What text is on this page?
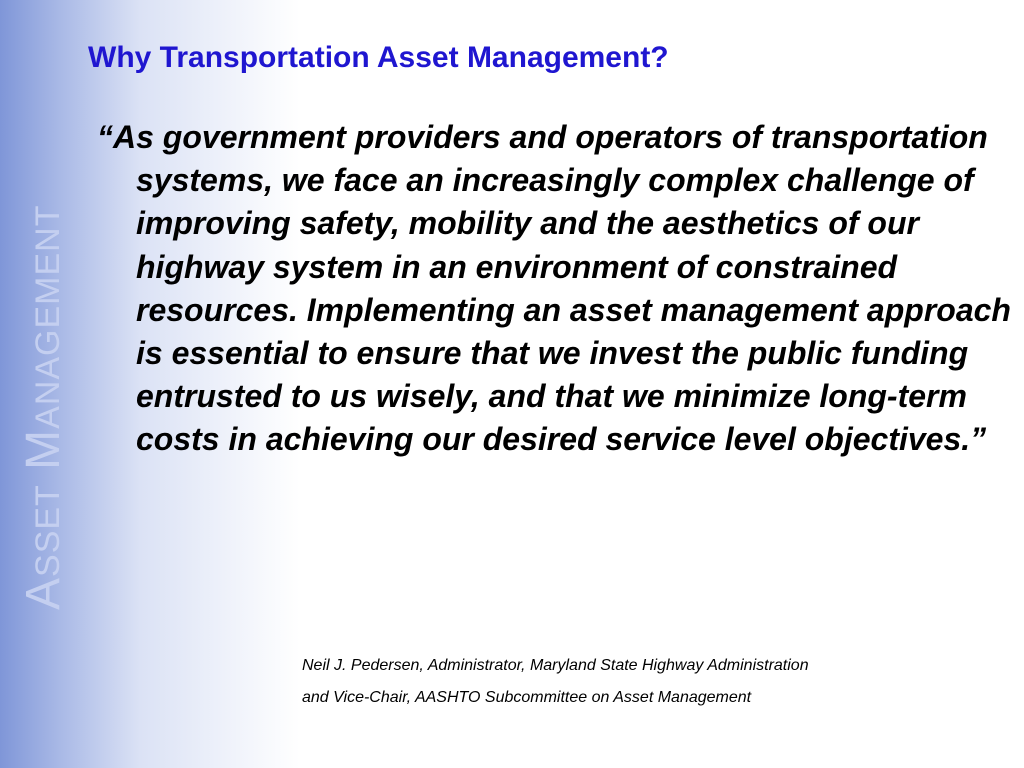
Asset Management
Why Transportation Asset Management?

“As government providers and operators of transportation systems, we face an increasingly complex challenge of improving safety, mobility and the aesthetics of our highway system in an environment of constrained resources. Implementing an asset management approach is essential to ensure that we invest the public funding entrusted to us wisely, and that we minimize long-term costs in achieving our desired service level objectives.”

Neil J. Pedersen, Administrator, Maryland State Highway Administration
and Vice-Chair, AASHTO Subcommittee on Asset Management
